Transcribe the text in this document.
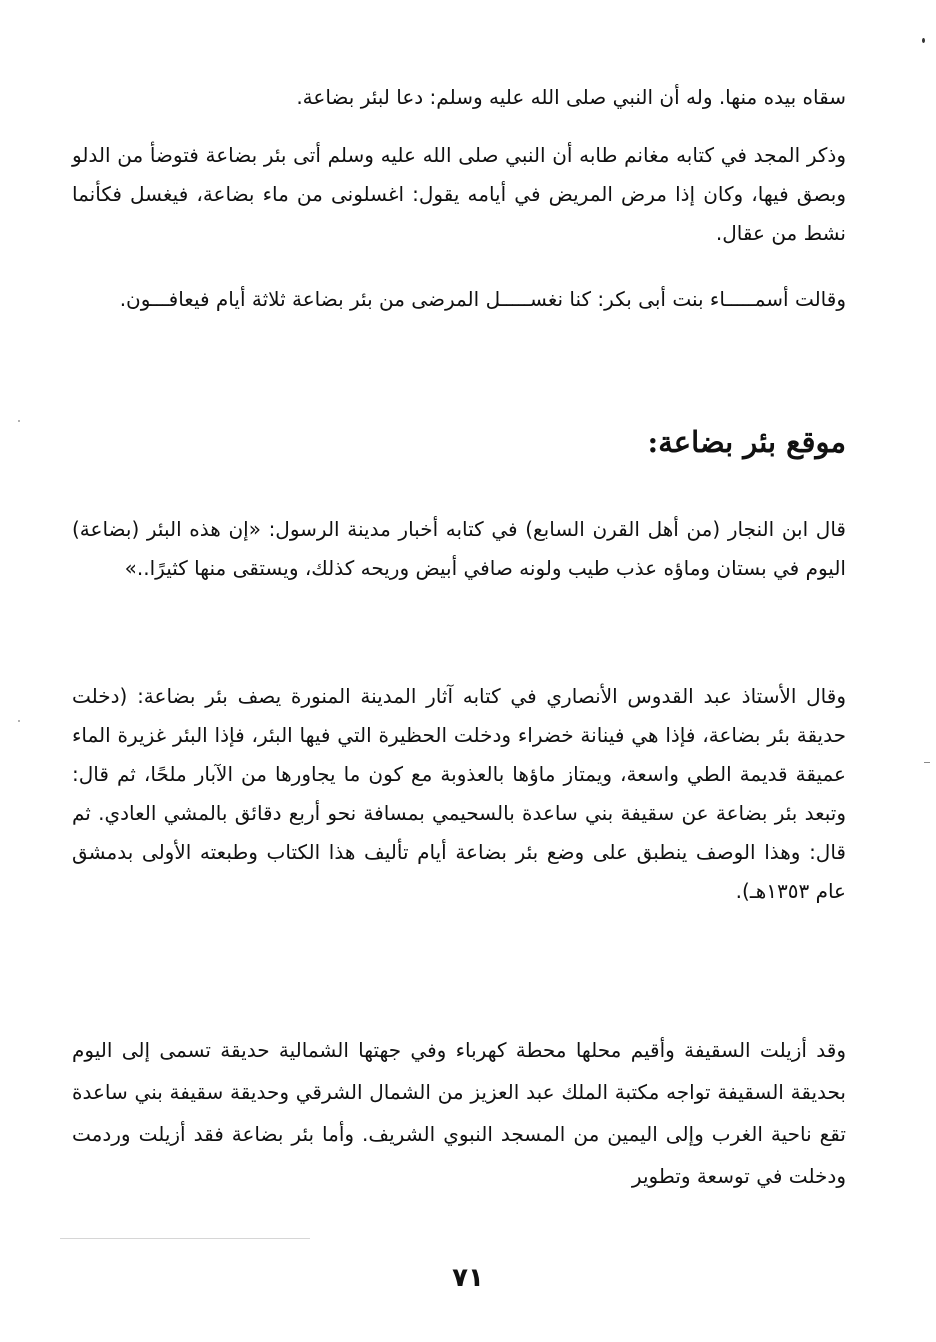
سقاه بيده منها. وله أن النبي صلى الله عليه وسلم: دعا لبئر بضاعة.

وذكر المجد في كتابه مغانم طابه أن النبي صلى الله عليه وسلم أتى بئر بضاعة فتوضأ من الدلو وبصق فيها، وكان إذا مرض المريض في أيامه يقول: اغسلونى من ماء بضاعة، فيغسل فكأنما نشط من عقال.

وقالت أسمـــــاء بنت أبى بكر: كنا نغســـــل المرضى من بئر بضاعة ثلاثة أيام فيعافـــون.

موقع بئر بضاعة:

قال ابن النجار (من أهل القرن السابع) في كتابه أخبار مدينة الرسول: «إن هذه البئر (بضاعة) اليوم في بستان وماؤه عذب طيب ولونه صافي أبيض وريحه كذلك، ويستقى منها كثيرًا..»

وقال الأستاذ عبد القدوس الأنصاري في كتابه آثار المدينة المنورة يصف بئر بضاعة: (دخلت حديقة بئر بضاعة، فإذا هي فينانة خضراء ودخلت الحظيرة التي فيها البئر، فإذا البئر غزيرة الماء عميقة قديمة الطي واسعة، ويمتاز ماؤها بالعذوبة مع كون ما يجاورها من الآبار ملحًا، ثم قال: وتبعد بئر بضاعة عن سقيفة بني ساعدة بالسحيمي بمسافة نحو أربع دقائق بالمشي العادي. ثم قال: وهذا الوصف ينطبق على وضع بئر بضاعة أيام تأليف هذا الكتاب وطبعته الأولى بدمشق عام ١٣٥٣هـ).

وقد أزيلت السقيفة وأقيم محلها محطة كهرباء وفي جهتها الشمالية حديقة تسمى إلى اليوم بحديقة السقيفة تواجه مكتبة الملك عبد العزيز من الشمال الشرقي وحديقة سقيفة بني ساعدة تقع ناحية الغرب وإلى اليمين من المسجد النبوي الشريف. وأما بئر بضاعة فقد أزيلت وردمت ودخلت في توسعة وتطوير

٧١
